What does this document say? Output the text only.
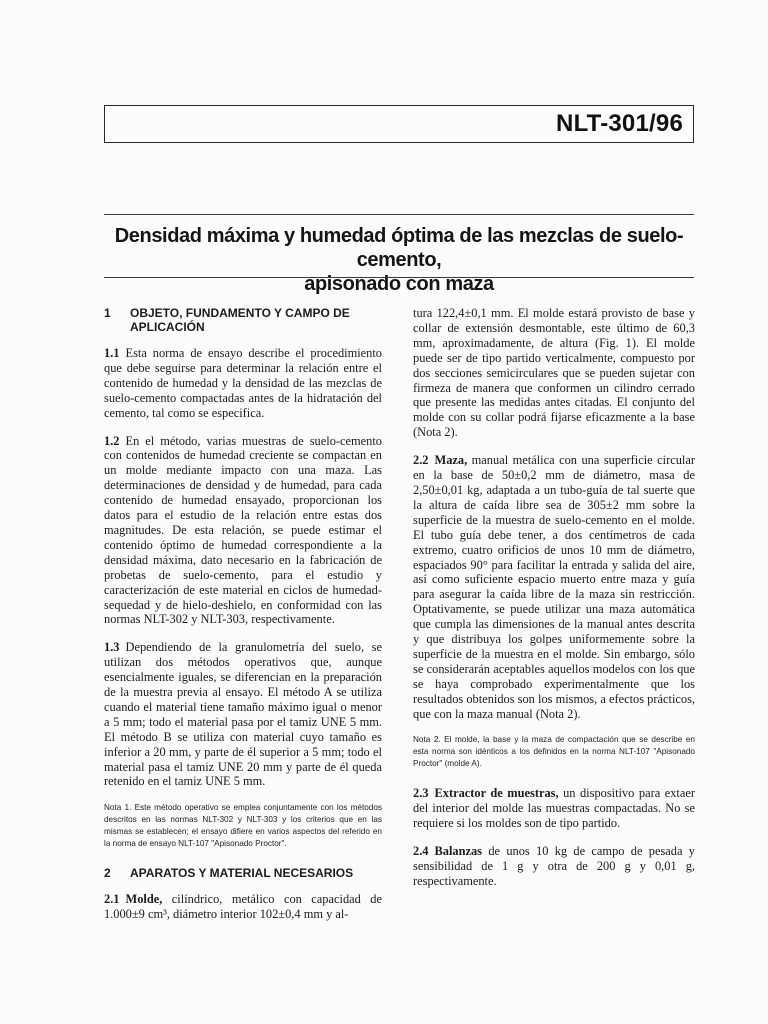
NLT-301/96
Densidad máxima y humedad óptima de las mezclas de suelo-cemento,
apisonado con maza
1	OBJETO, FUNDAMENTO Y CAMPO DE APLICACIÓN

1.1 Esta norma de ensayo describe el procedimiento que debe seguirse para determinar la relación entre el contenido de humedad y la densidad de las mezclas de suelo-cemento compactadas antes de la hidratación del cemento, tal como se especifica.

1.2 En el método, varias muestras de suelo-cemento con contenidos de humedad creciente se compactan en un molde mediante impacto con una maza. Las determinaciones de densidad y de humedad, para cada contenido de humedad ensayado, proporcionan los datos para el estudio de la relación entre estas dos magnitudes. De esta relación, se puede estimar el contenido óptimo de humedad correspondiente a la densidad máxima, dato necesario en la fabricación de probetas de suelo-cemento, para el estudio y caracterización de este material en ciclos de humedad-sequedad y de hielo-deshielo, en conformidad con las normas NLT-302 y NLT-303, respectivamente.

1.3 Dependiendo de la granulometría del suelo, se utilizan dos métodos operativos que, aunque esencialmente iguales, se diferencian en la preparación de la muestra previa al ensayo. El método A se utiliza cuando el material tiene tamaño máximo igual o menor a 5 mm; todo el material pasa por el tamiz UNE 5 mm. El método B se utiliza con material cuyo tamaño es inferior a 20 mm, y parte de él superior a 5 mm; todo el material pasa el tamiz UNE 20 mm y parte de él queda retenido en el tamiz UNE 5 mm.

Nota 1. Este método operativo se emplea conjuntamente con los métodos descritos en las normas NLT-302 y NLT-303 y los criterios que en las mismas se establecen; el ensayo difiere en varios aspectos del referido en la norma de ensayo NLT-107 "Apisonado Proctor".

2	APARATOS Y MATERIAL NECESARIOS

2.1 Molde, cilíndrico, metálico con capacidad de 1.000±9 cm³, diámetro interior 102±0,4 mm y al-

tura 122,4±0,1 mm. El molde estará provisto de base y collar de extensión desmontable, este último de 60,3 mm, aproximadamente, de altura (Fig. 1). El molde puede ser de tipo partido verticalmente, compuesto por dos secciones semicirculares que se pueden sujetar con firmeza de manera que conformen un cilindro cerrado que presente las medidas antes citadas. El conjunto del molde con su collar podrá fijarse eficazmente a la base (Nota 2).

2.2 Maza, manual metálica con una superficie circular en la base de 50±0,2 mm de diámetro, masa de 2,50±0,01 kg, adaptada a un tubo-guía de tal suerte que la altura de caída libre sea de 305±2 mm sobre la superficie de la muestra de suelo-cemento en el molde. El tubo guía debe tener, a dos centímetros de cada extremo, cuatro orificios de unos 10 mm de diámetro, espaciados 90° para facilitar la entrada y salida del aire, así como suficiente espacio muerto entre maza y guía para asegurar la caída libre de la maza sin restricción. Optativamente, se puede utilizar una maza automática que cumpla las dimensiones de la manual antes descrita y que distribuya los golpes uniformemente sobre la superficie de la muestra en el molde. Sin embargo, sólo se considerarán aceptables aquellos modelos con los que se haya comprobado experimentalmente que los resultados obtenidos son los mismos, a efectos prácticos, que con la maza manual (Nota 2).

Nota 2. El molde, la base y la maza de compactación que se describe en esta norma son idénticos a los definidos en la norma NLT-107 "Apisonado Proctor" (molde A).

2.3 Extractor de muestras, un dispositivo para extaer del interior del molde las muestras compactadas. No se requiere si los moldes son de tipo partido.

2.4 Balanzas de unos 10 kg de campo de pesada y sensibilidad de 1 g y otra de 200 g y 0,01 g, respectivamente.
